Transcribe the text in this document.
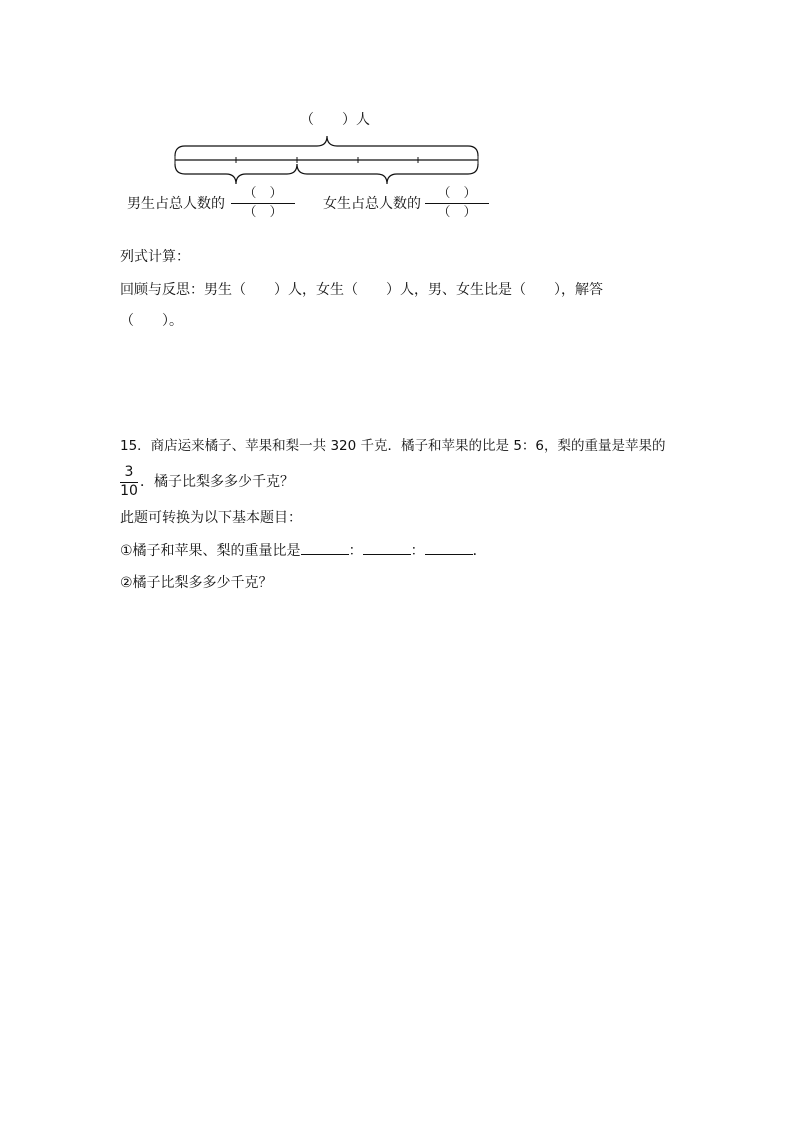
（　　）人
男生占总人数的
（　）
（　）
女生占总人数的
（　）
（　）
列式计算：
回顾与反思：男生（　　）人，女生（　　）人，男、女生比是（　　），解答
（　　）。
15．商店运来橘子、苹果和梨一共 320 千克．橘子和苹果的比是 5：6，梨的重量是苹果的
3
10
．橘子比梨多多少千克？
此题可转换为以下基本题目：
①橘子和苹果、梨的重量比是	：	：	．
②橘子比梨多多少千克？
